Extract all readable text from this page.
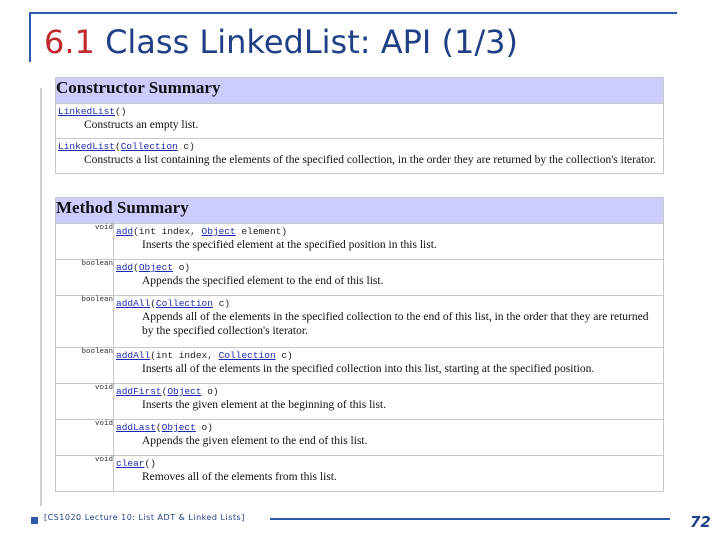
6.1 Class LinkedList: API (1/3)
Constructor Summary

LinkedList()
Constructs an empty list.

LinkedList(Collection c)
Constructs a list containing the elements of the specified collection, in the order they are returned by the collection's iterator.
Method Summary	
void	add(int index, Object element)
Inserts the specified element at the specified position in this list.

boolean	add(Object o)
Appends the specified element to the end of this list.

boolean	addAll(Collection c)
Appends all of the elements in the specified collection to the end of this list, in the order that they are returned by the specified collection's iterator.

boolean	addAll(int index, Collection c)
Inserts all of the elements in the specified collection into this list, starting at the specified position.

void	addFirst(Object o)
Inserts the given element at the beginning of this list.

void	addLast(Object o)
Appends the given element to the end of this list.

void	clear()
Removes all of the elements from this list.
[CS1020 Lecture 10: List ADT & Linked Lists]	72
